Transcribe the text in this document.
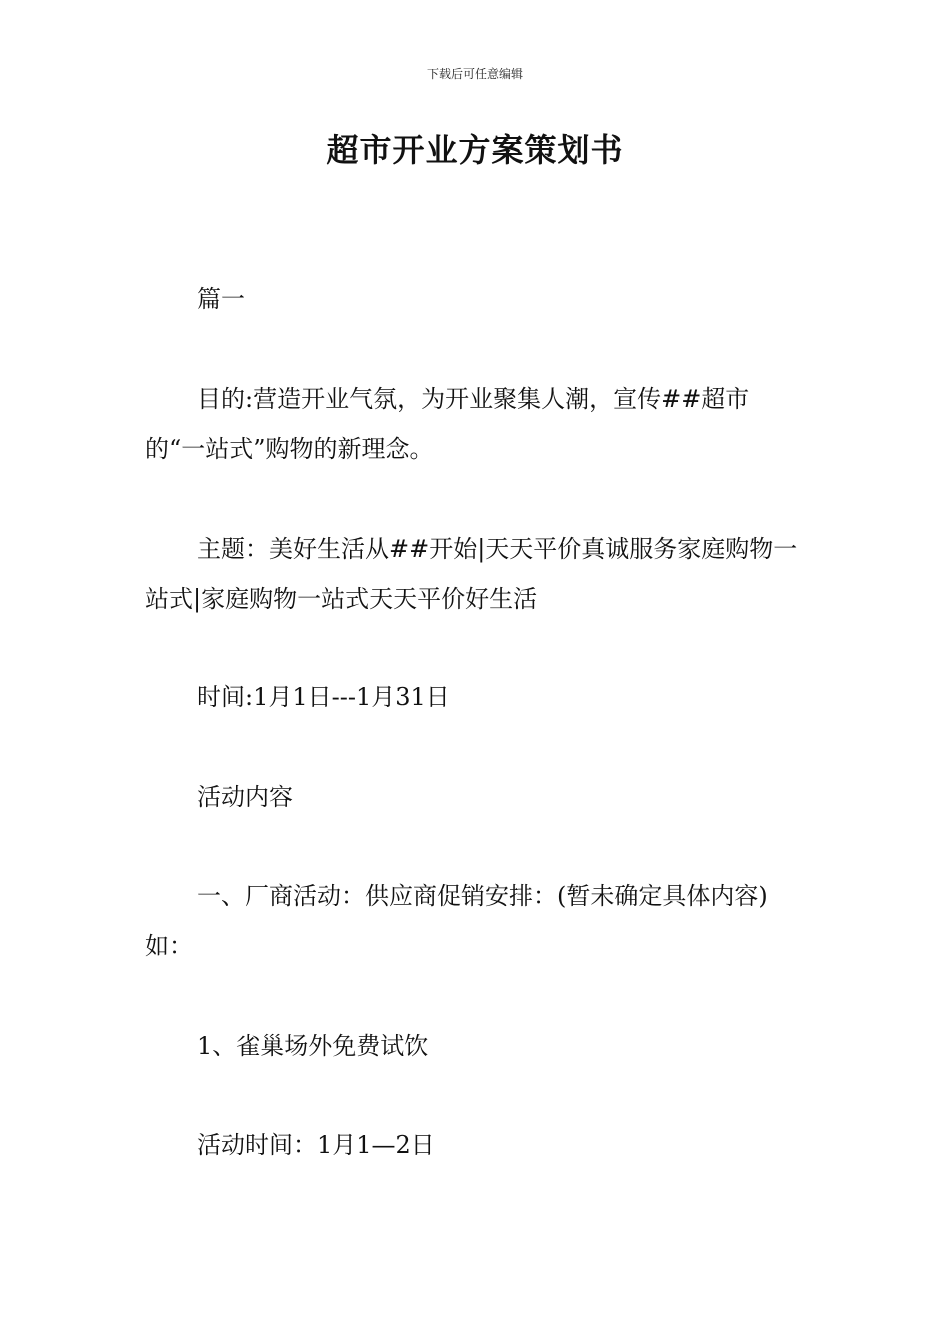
下载后可任意编辑
超市开业方案策划书

篇一

目的:营造开业气氛，为开业聚集人潮，宣传##超市的“一站式”购物的新理念。

主题：美好生活从##开始|天天平价真诚服务家庭购物一站式|家庭购物一站式天天平价好生活

时间:1月1日---1月31日

活动内容

一、厂商活动：供应商促销安排：(暂未确定具体内容)如：

1、雀巢场外免费试饮

活动时间：1月1—2日
